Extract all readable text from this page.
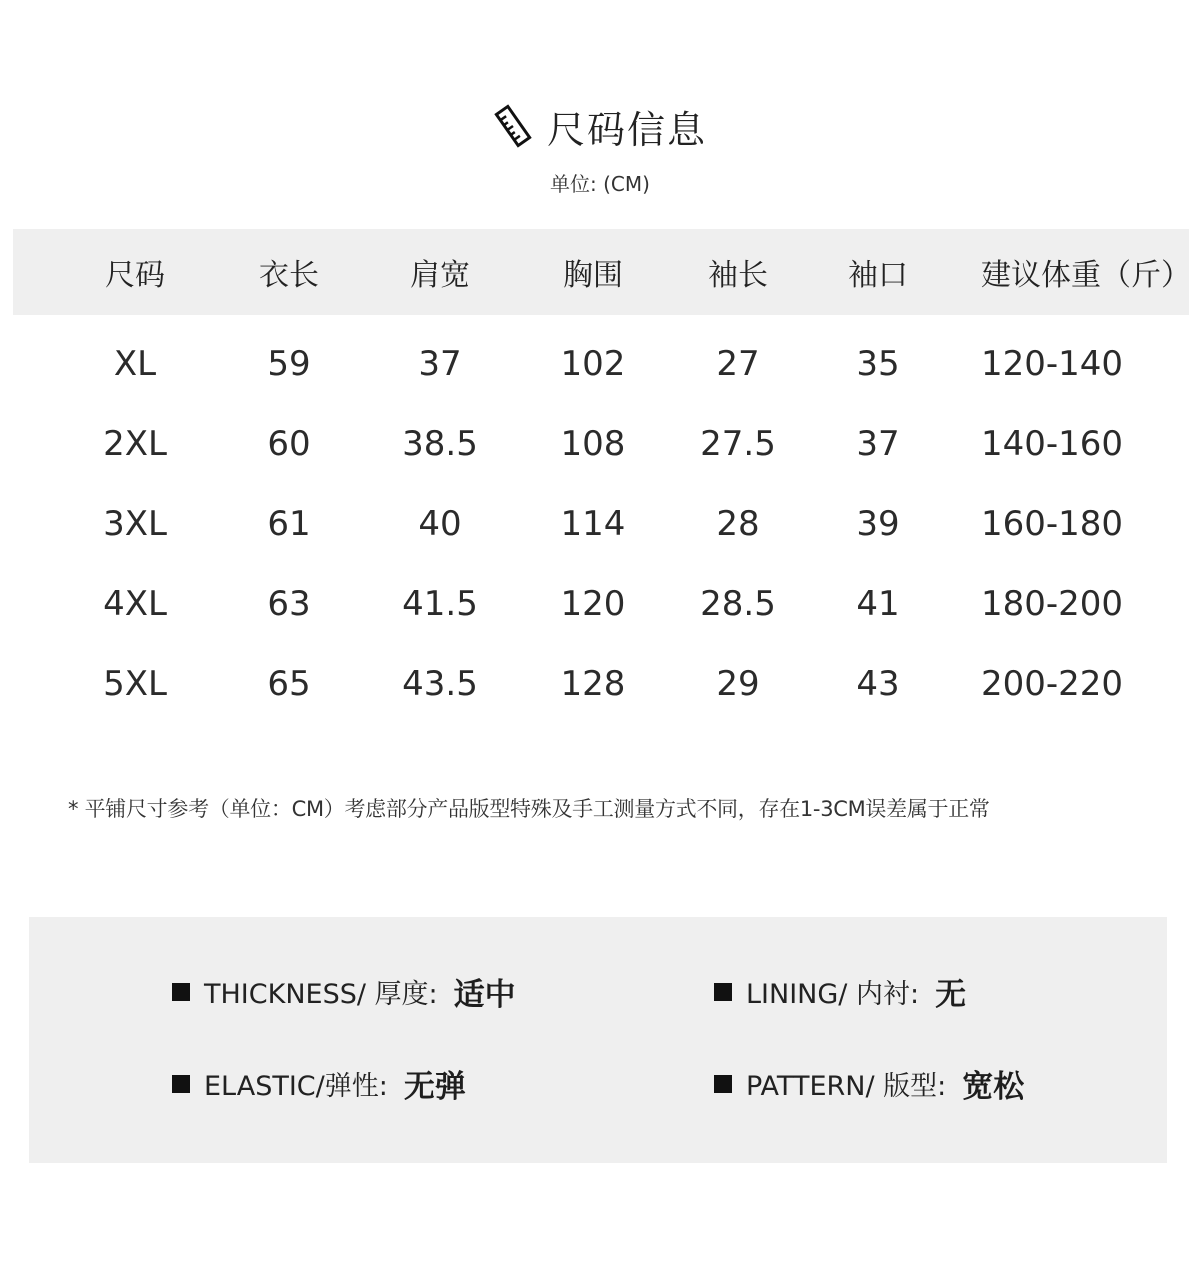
尺码信息
单位: (CM)
尺码	衣长	肩宽	胸围	袖长	袖口	建议体重（斤）
XL	59	37	102	27	35	120-140
2XL	60	38.5	108	27.5	37	140-160
3XL	61	40	114	28	39	160-180
4XL	63	41.5	120	28.5	41	180-200
5XL	65	43.5	128	29	43	200-220
* 平铺尺寸参考（单位：CM）考虑部分产品版型特殊及手工测量方式不同，存在1-3CM误差属于正常
THICKNESS/ 厚度: 适中	LINING/ 内衬: 无
ELASTIC/弹性: 无弹	PATTERN/ 版型: 宽松
